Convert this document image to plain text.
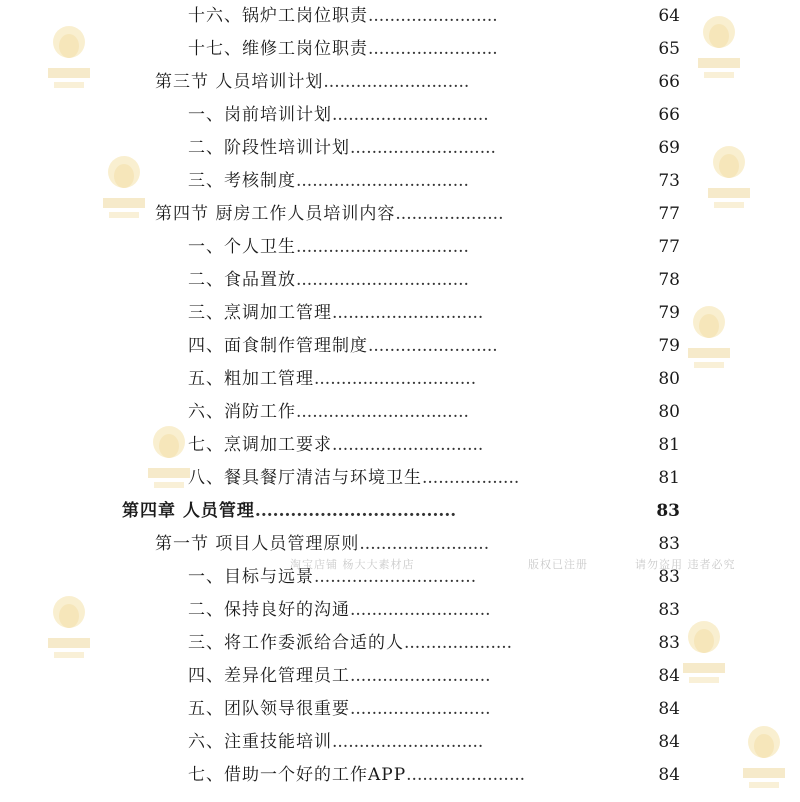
淘宝店铺 杨大大素材店	版权已注册	请勿盗用 违者必究
十六、锅炉工岗位职责........................	64
十七、维修工岗位职责........................	65
第三节 人员培训计划...........................	66
一、岗前培训计划.............................	66
二、阶段性培训计划...........................	69
三、考核制度................................	73
第四节 厨房工作人员培训内容....................	77
一、个人卫生................................	77
二、食品置放................................	78
三、烹调加工管理............................	79
四、面食制作管理制度........................	79
五、粗加工管理..............................	80
六、消防工作................................	80
七、烹调加工要求............................	81
八、餐具餐厅清洁与环境卫生..................	81
第四章 人员管理..................................	83
第一节 项目人员管理原则........................	83
一、目标与远景..............................	83
二、保持良好的沟通..........................	83
三、将工作委派给合适的人....................	83
四、差异化管理员工..........................	84
五、团队领导很重要..........................	84
六、注重技能培训............................	84
七、借助一个好的工作APP......................	84
